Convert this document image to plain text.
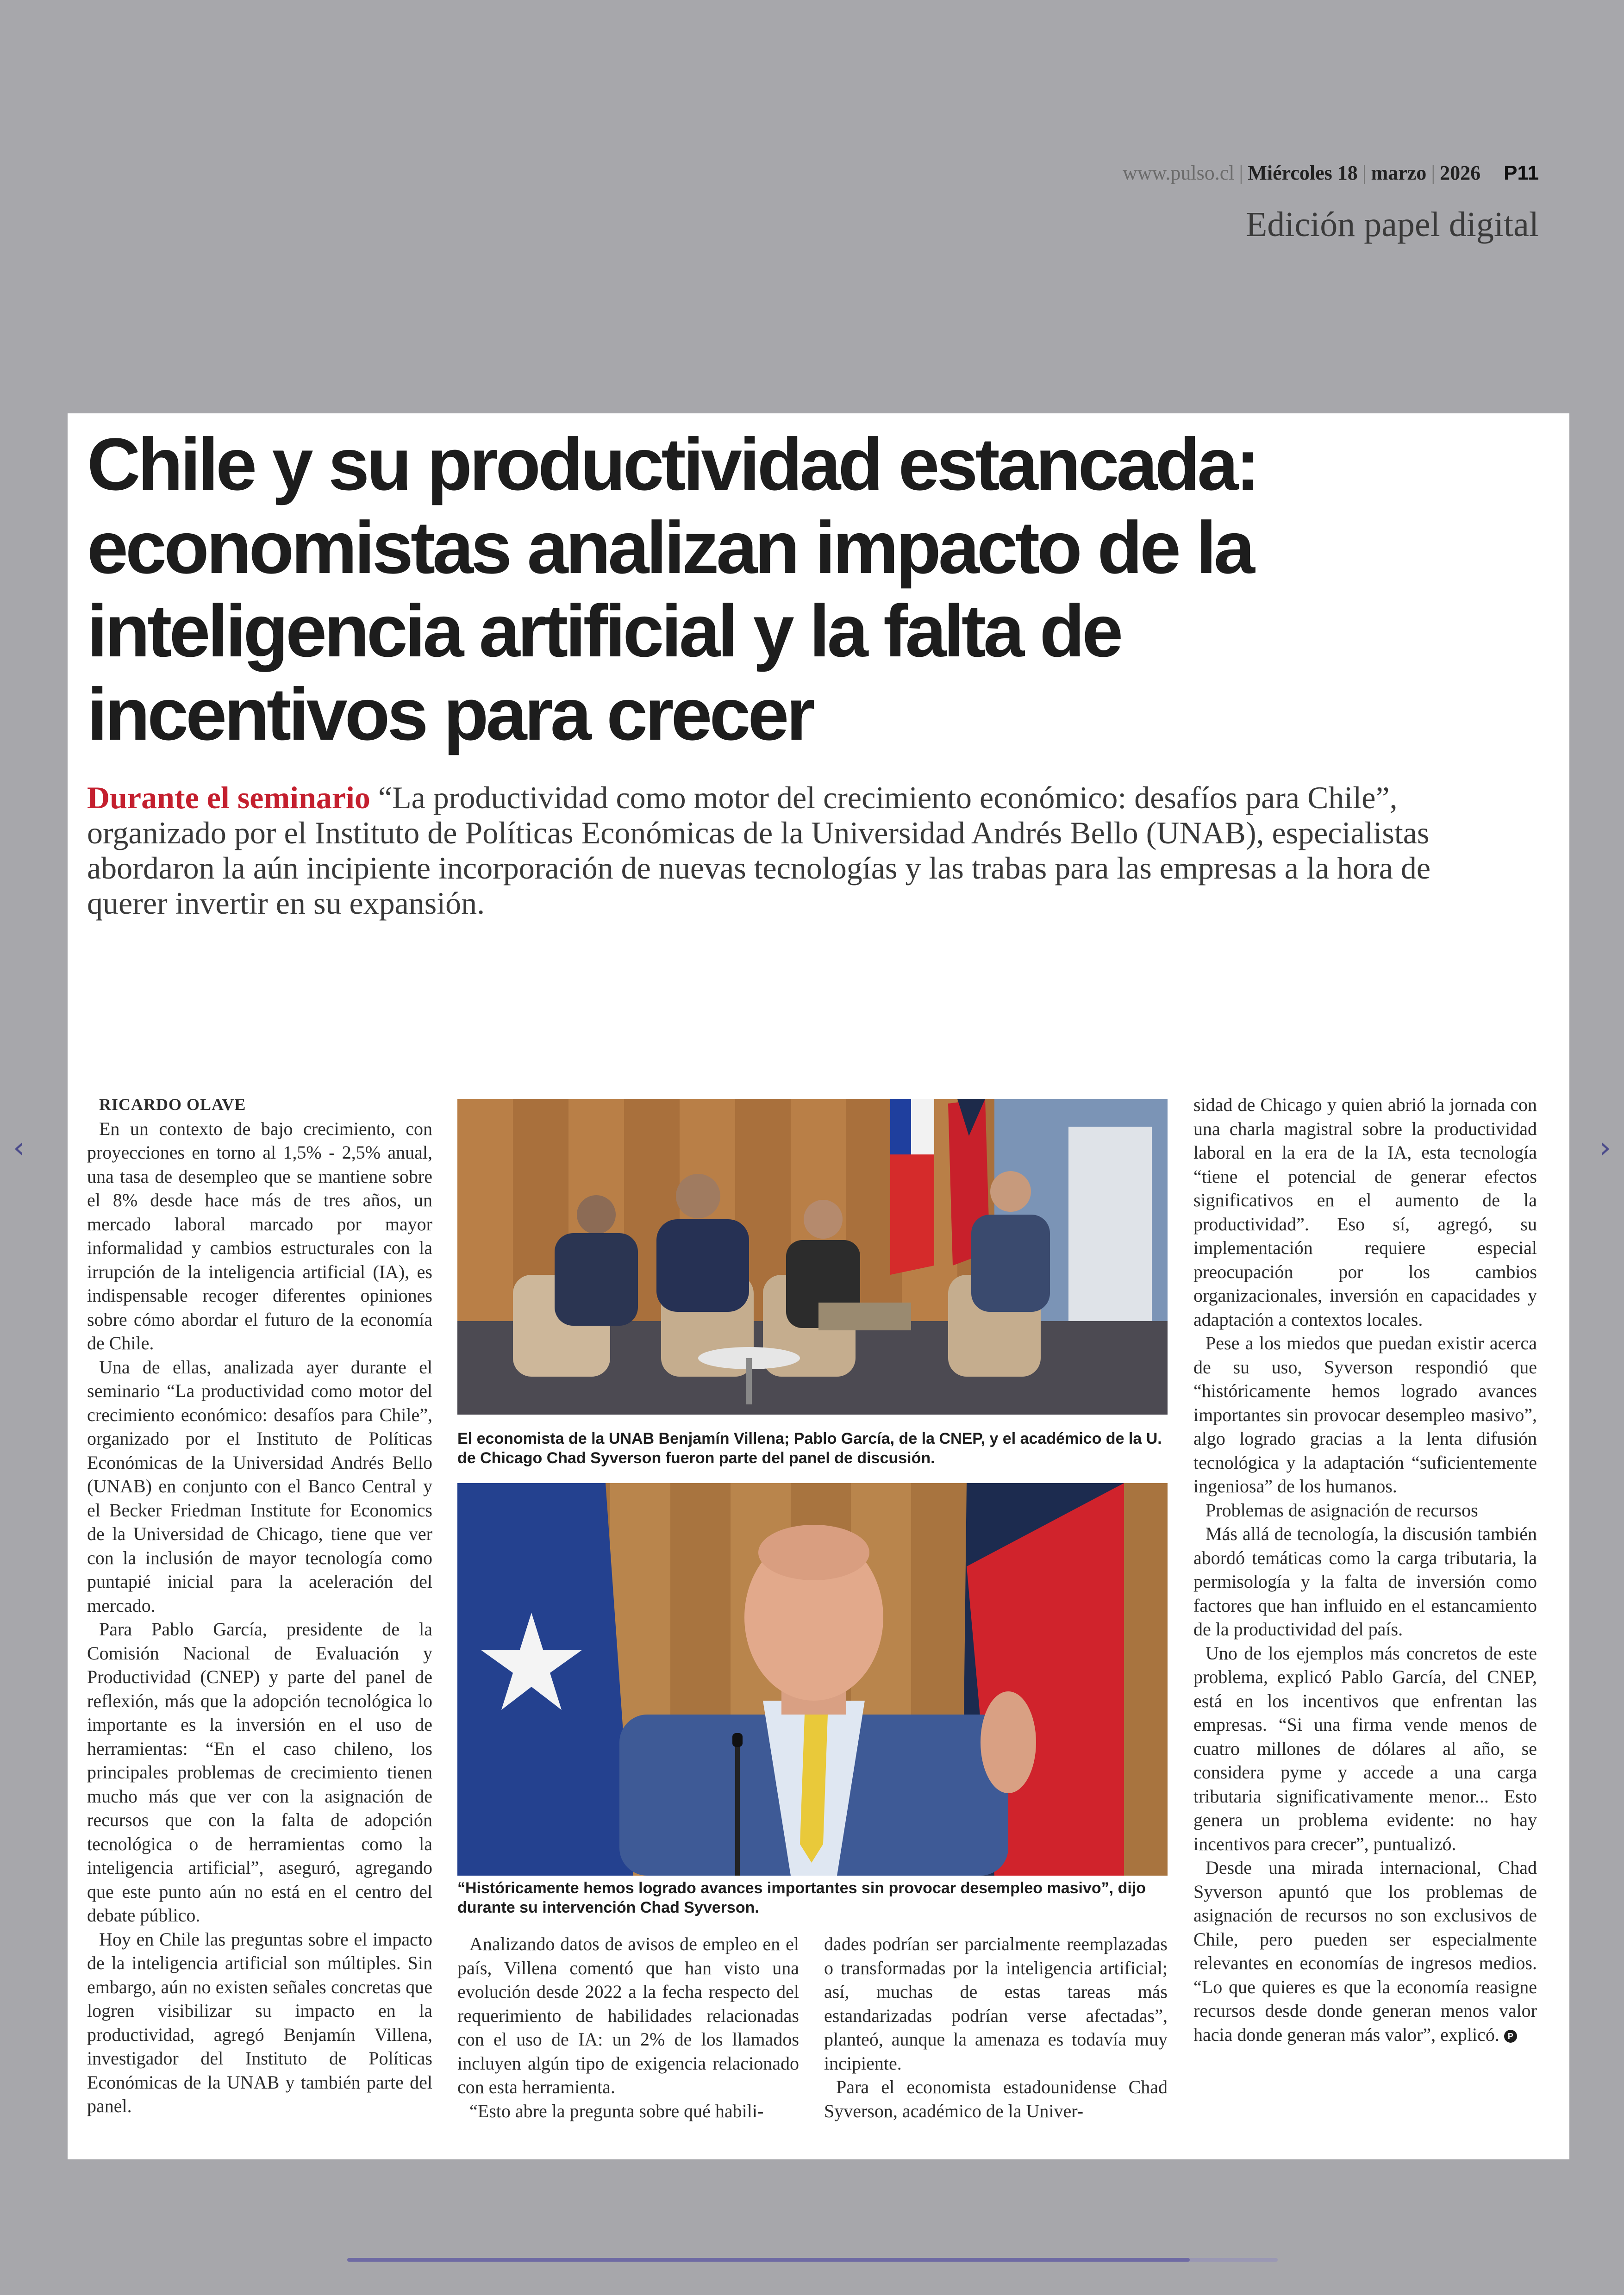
www.pulso.cl | Miércoles 18 | marzo | 2026 P11
Edición papel digital
‹	›
Chile y su productividad estancada: economistas analizan impacto de la inteligencia artificial y la falta de incentivos para crecer

Durante el seminario “La productividad como motor del crecimiento económico: desafíos para Chile”, organizado por el Instituto de Políticas Económicas de la Universidad Andrés Bello (UNAB), especialistas abordaron la aún incipiente incorporación de nuevas tecnologías y las trabas para las empresas a la hora de querer invertir en su expansión.

RICARDO OLAVE

En un contexto de bajo crecimiento, con proyecciones en torno al 1,5% - 2,5% anual, una tasa de desempleo que se mantiene sobre el 8% desde hace más de tres años, un mercado laboral marcado por mayor informalidad y cambios estructurales con la irrupción de la inteligencia artificial (IA), es indispensable recoger diferentes opiniones sobre cómo abordar el futuro de la economía de Chile.

Una de ellas, analizada ayer durante el seminario “La productividad como motor del crecimiento económico: desafíos para Chile”, organizado por el Instituto de Políticas Económicas de la Universidad Andrés Bello (UNAB) en conjunto con el Banco Central y el Becker Friedman Institute for Economics de la Universidad de Chicago, tiene que ver con la inclusión de mayor tecnología como puntapié inicial para la aceleración del mercado.

Para Pablo García, presidente de la Comisión Nacional de Evaluación y Productividad (CNEP) y parte del panel de reflexión, más que la adopción tecnológica lo importante es la inversión en el uso de herramientas: “En el caso chileno, los principales problemas de crecimiento tienen mucho más que ver con la asignación de recursos que con la falta de adopción tecnológica o de herramientas como la inteligencia artificial”, aseguró, agregando que este punto aún no está en el centro del debate público.

Hoy en Chile las preguntas sobre el impacto de la inteligencia artificial son múltiples. Sin embargo, aún no existen señales concretas que logren visibilizar su impacto en la productividad, agregó Benjamín Villena, investigador del Instituto de Políticas Económicas de la UNAB y también parte del panel.

El economista de la UNAB Benjamín Villena; Pablo García, de la CNEP, y el académico de la U. de Chicago Chad Syverson fueron parte del panel de discusión.

“Históricamente hemos logrado avances importantes sin provocar desempleo masivo”, dijo durante su intervención Chad Syverson.

Analizando datos de avisos de empleo en el país, Villena comentó que han visto una evolución desde 2022 a la fecha respecto del requerimiento de habilidades relacionadas con el uso de IA: un 2% de los llamados incluyen algún tipo de exigencia relacionado con esta herramienta.

“Esto abre la pregunta sobre qué habili-

dades podrían ser parcialmente reemplazadas o transformadas por la inteligencia artificial; así, muchas de estas tareas más estandarizadas podrían verse afectadas”, planteó, aunque la amenaza es todavía muy incipiente.

Para el economista estadounidense Chad Syverson, académico de la Univer-

sidad de Chicago y quien abrió la jornada con una charla magistral sobre la productividad laboral en la era de la IA, esta tecnología “tiene el potencial de generar efectos significativos en el aumento de la productividad”. Eso sí, agregó, su implementación requiere especial preocupación por los cambios organizacionales, inversión en capacidades y adaptación a contextos locales.

Pese a los miedos que puedan existir acerca de su uso, Syverson respondió que “históricamente hemos logrado avances importantes sin provocar desempleo masivo”, algo logrado gracias a la lenta difusión tecnológica y la adaptación “suficientemente ingeniosa” de los humanos.

Problemas de asignación de recursos

Más allá de tecnología, la discusión también abordó temáticas como la carga tributaria, la permisología y la falta de inversión como factores que han influido en el estancamiento de la productividad del país.

Uno de los ejemplos más concretos de este problema, explicó Pablo García, del CNEP, está en los incentivos que enfrentan las empresas. “Si una firma vende menos de cuatro millones de dólares al año, se considera pyme y accede a una carga tributaria significativamente menor... Esto genera un problema evidente: no hay incentivos para crecer”, puntualizó.

Desde una mirada internacional, Chad Syverson apuntó que los problemas de asignación de recursos no son exclusivos de Chile, pero pueden ser especialmente relevantes en economías de ingresos medios. “Lo que quieres es que la economía reasigne recursos desde donde generan menos valor hacia donde generan más valor”, explicó. P
